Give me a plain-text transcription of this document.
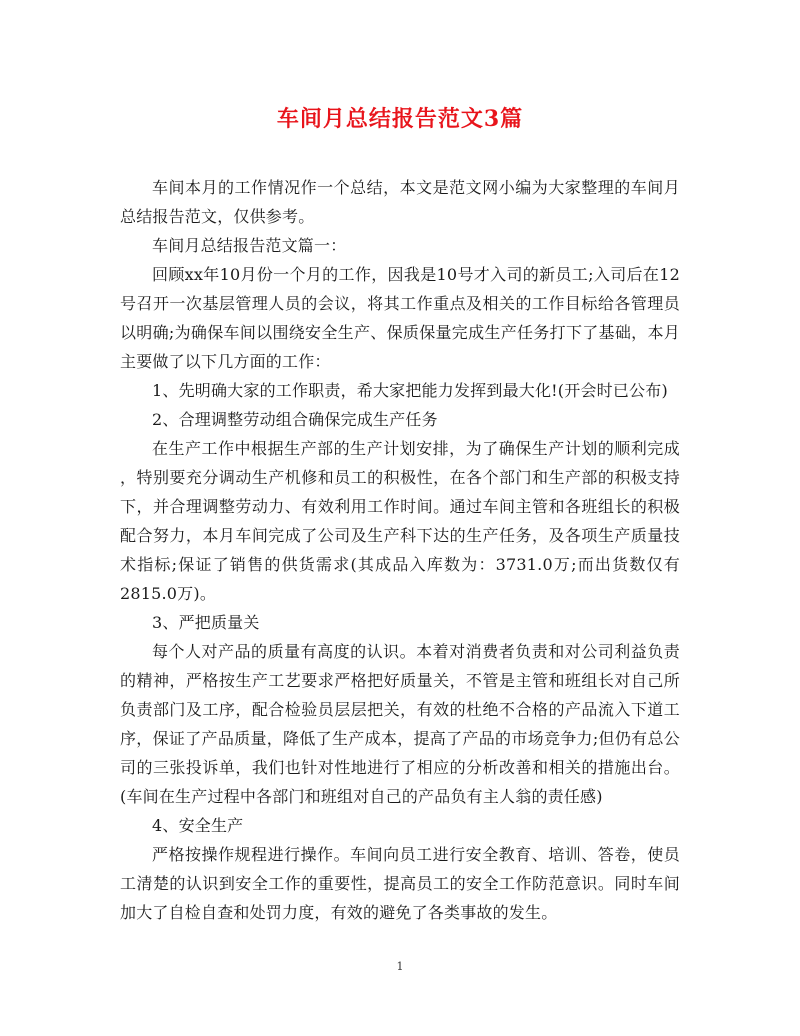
车间月总结报告范文3篇

车间本月的工作情况作一个总结，本文是范文网小编为大家整理的车间月总结报告范文，仅供参考。

车间月总结报告范文篇一：

回顾xx年10月份一个月的工作，因我是10号才入司的新员工;入司后在12号召开一次基层管理人员的会议，将其工作重点及相关的工作目标给各管理员以明确;为确保车间以围绕安全生产、保质保量完成生产任务打下了基础，本月主要做了以下几方面的工作：

1、先明确大家的工作职责，希大家把能力发挥到最大化!(开会时已公布)

2、合理调整劳动组合确保完成生产任务

在生产工作中根据生产部的生产计划安排，为了确保生产计划的顺利完成 ，特别要充分调动生产机修和员工的积极性，在各个部门和生产部的积极支持下，并合理调整劳动力、有效利用工作时间。通过车间主管和各班组长的积极配合努力，本月车间完成了公司及生产科下达的生产任务，及各项生产质量技术指标;保证了销售的供货需求(其成品入库数为：3731.0万;而出货数仅有2815.0万)。

3、严把质量关

每个人对产品的质量有高度的认识。本着对消费者负责和对公司利益负责的精神，严格按生产工艺要求严格把好质量关，不管是主管和班组长对自己所负责部门及工序，配合检验员层层把关，有效的杜绝不合格的产品流入下道工序，保证了产品质量，降低了生产成本，提高了产品的市场竞争力;但仍有总公司的三张投诉单，我们也针对性地进行了相应的分析改善和相关的措施出台。(车间在生产过程中各部门和班组对自己的产品负有主人翁的责任感)

4、安全生产

严格按操作规程进行操作。车间向员工进行安全教育、培训、答卷，使员工清楚的认识到安全工作的重要性，提高员工的安全工作防范意识。同时车间加大了自检自查和处罚力度，有效的避免了各类事故的发生。

1
